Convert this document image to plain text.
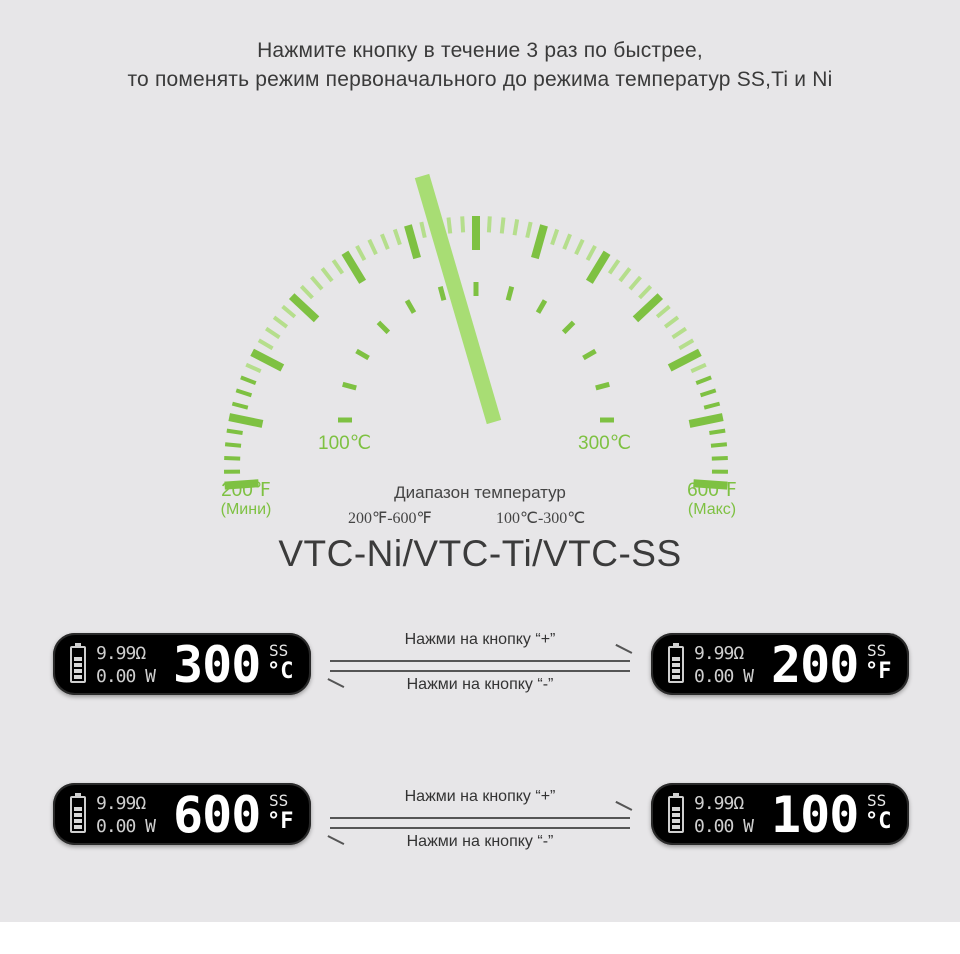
Нажмите кнопку в течение 3 раз по быстрее,
то поменять режим первоначального до режима температур SS,Ti и Ni
100℃	300℃
200℉
(Мини)
600℉
(Макс)
Диапазон температур
200℉-600℉	100℃-300℃
VTC-Ni/VTC-Ti/VTC-SS
9.99Ω
0.00 W 300 SS
°C
Нажми на кнопку “+”
Нажми на кнопку “-”
9.99Ω
0.00 W 200 SS
°F
9.99Ω
0.00 W 600 SS
°F
Нажми на кнопку “+”
Нажми на кнопку “-”
9.99Ω
0.00 W 100 SS
°C
